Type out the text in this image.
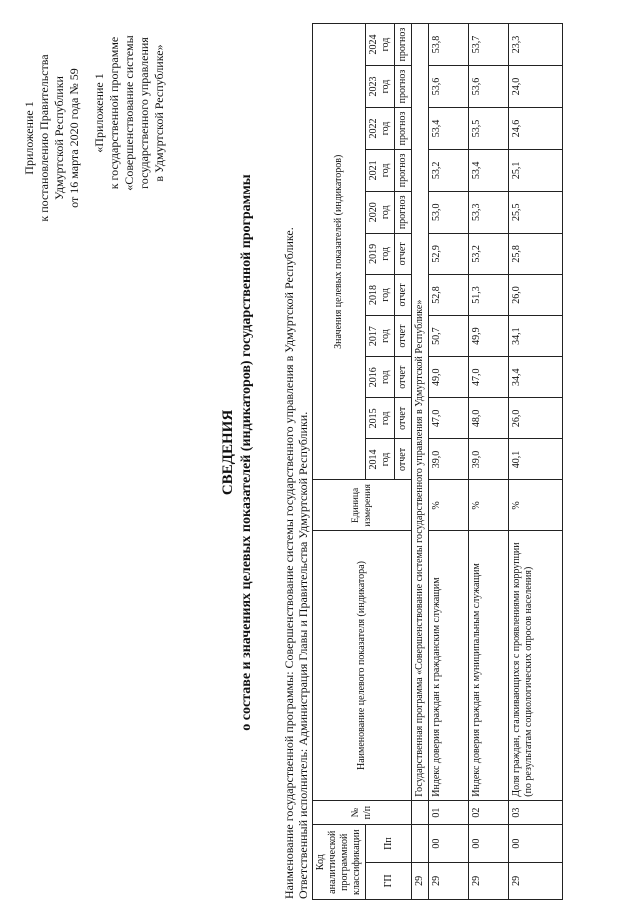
Приложение 1 к постановлению Правительства Удмуртской Республики от 16 марта 2020 года № 59 «Приложение 1 к государственной программе «Совершенствование системы государственного управления в Удмуртской Республике»
СВЕДЕНИЯ о составе и значениях целевых показателей (индикаторов) государственной программы Наименование государственной программы: Совершенствование системы государственного управления в Удмуртской Республике. Ответственный исполнитель: Администрация Главы и Правительства Удмуртской Республики. Код аналитической программной классификации		№ п/п	Наименование целевого показателя (индикатора)	Единица измерения	Значения целевых показателей (индикаторов)										
ГП	Пп				2014 год	2015 год	2016 год	2017 год	2018 год	2019 год	2020 год	2021 год	2022 год	2023 год	2024 год
					отчет	отчет	отчет	отчет	отчет	отчет	прогноз	прогноз	прогноз	прогноз	прогноз
29			Государственная программа «Совершенствование системы государственного управления в Удмуртской Республике»												
29	00	01	Индекс доверия граждан к гражданским служащим	%	39,0	47,0	49,0	50,7	52,8	52,9	53,0	53,2	53,4	53,6	53,8
29	00	02	Индекс доверия граждан к муниципальным служащим	%	39,0	48,0	47,0	49,9	51,3	53,2	53,3	53,4	53,5	53,6	53,7
29	00	03	Доля граждан, сталкивающихся с проявлениями коррупции (по результатам социологических опросов населения)	%	40,1	26,0	34,4	34,1	26,0	25,8	25,5	25,1	24,6	24,0	23,3
